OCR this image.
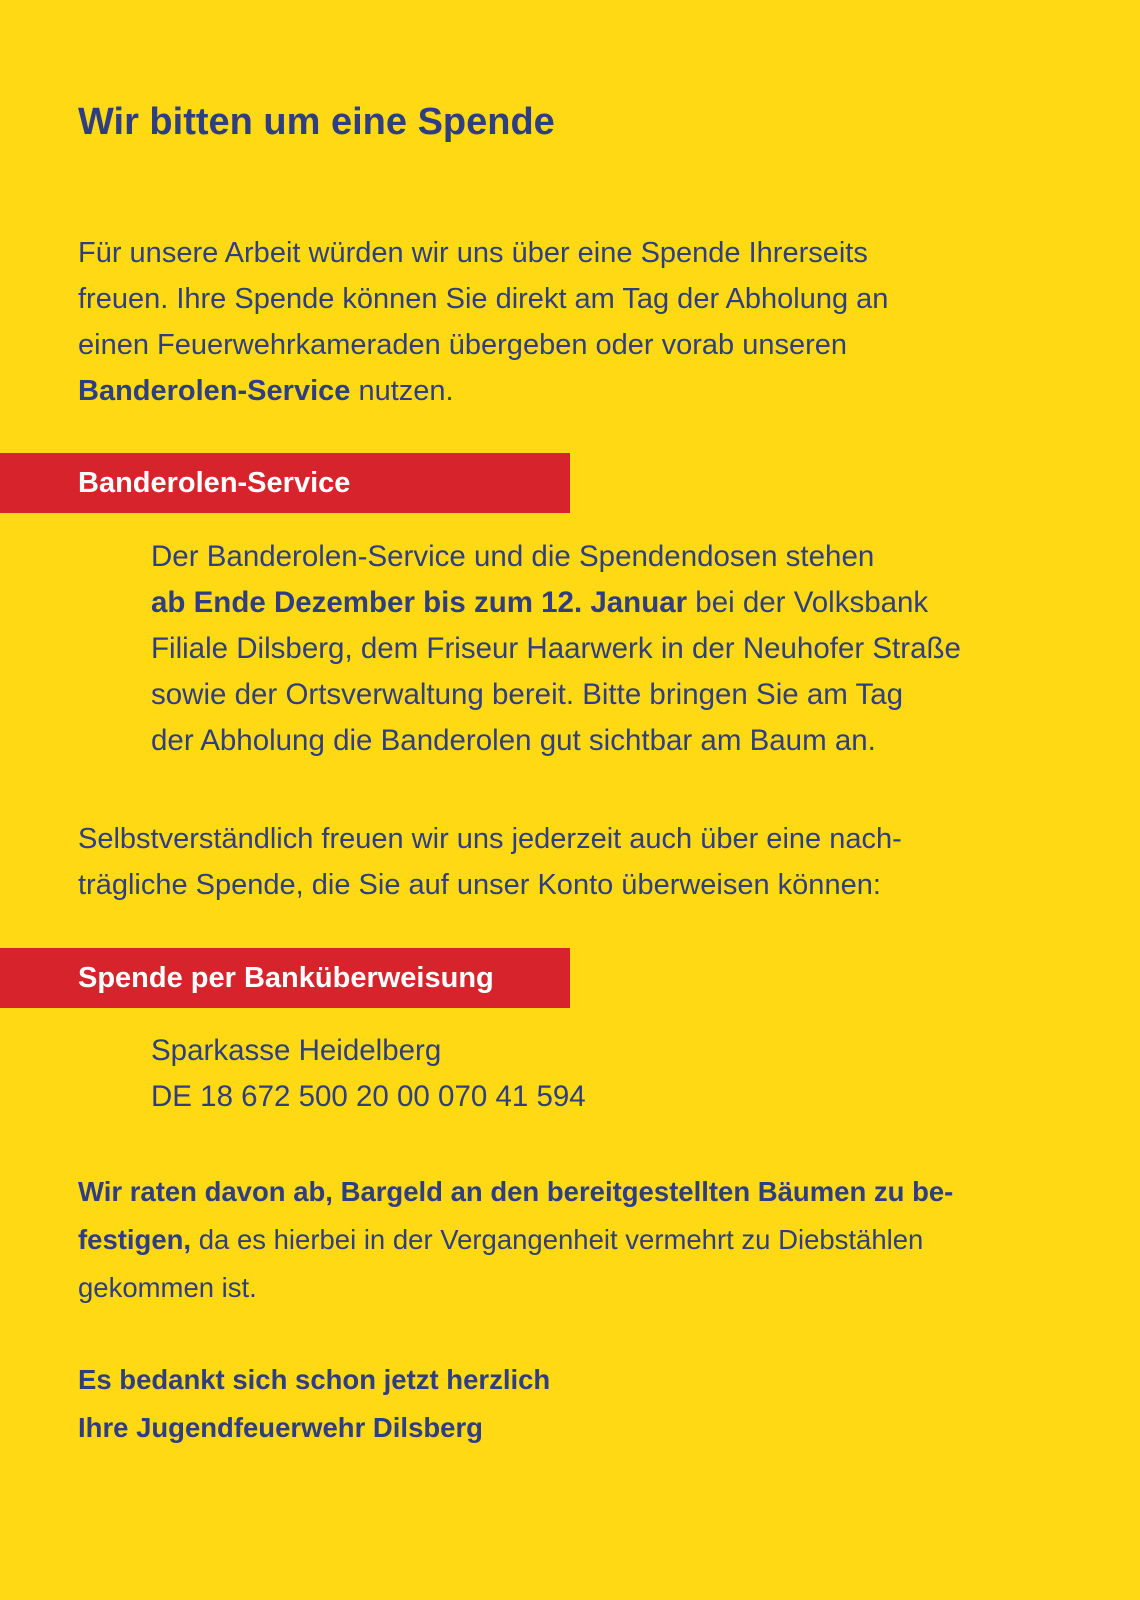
Wir bitten um eine Spende

Für unsere Arbeit würden wir uns über eine Spende Ihrerseits
freuen. Ihre Spende können Sie direkt am Tag der Abholung an
einen Feuerwehrkameraden übergeben oder vorab unseren
Banderolen-Service nutzen.

Banderolen-Service

Der Banderolen-Service und die Spendendosen stehen
ab Ende Dezember bis zum 12. Januar bei der Volksbank
Filiale Dilsberg, dem Friseur Haarwerk in der Neuhofer Straße
sowie der Ortsverwaltung bereit. Bitte bringen Sie am Tag
der Abholung die Banderolen gut sichtbar am Baum an.

Selbstverständlich freuen wir uns jederzeit auch über eine nach-
trägliche Spende, die Sie auf unser Konto überweisen können:

Spende per Banküberweisung

Sparkasse Heidelberg
DE 18 672 500 20 00 070 41 594

Wir raten davon ab, Bargeld an den bereitgestellten Bäumen zu be-
festigen, da es hierbei in der Vergangenheit vermehrt zu Diebstählen
gekommen ist.

Es bedankt sich schon jetzt herzlich
Ihre Jugendfeuerwehr Dilsberg
